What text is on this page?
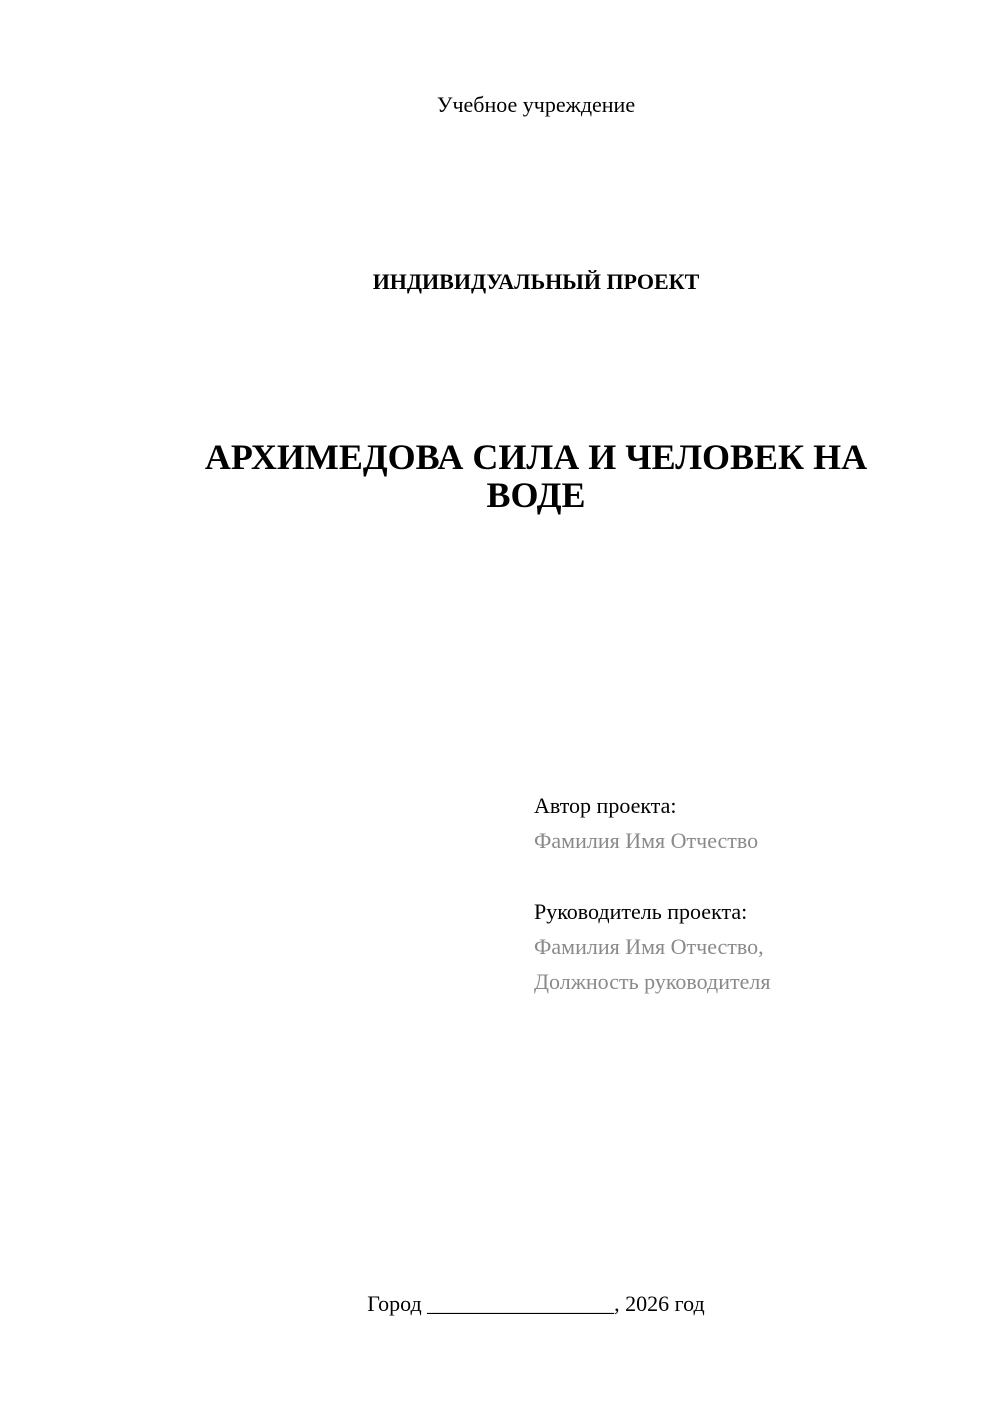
Учебное учреждение
ИНДИВИДУАЛЬНЫЙ ПРОЕКТ
АРХИМЕДОВА СИЛА И ЧЕЛОВЕК НА
ВОДЕ
Автор проекта:
Фамилия Имя Отчество
Руководитель проекта:
Фамилия Имя Отчество,
Должность руководителя
Город _________________, 2026 год
